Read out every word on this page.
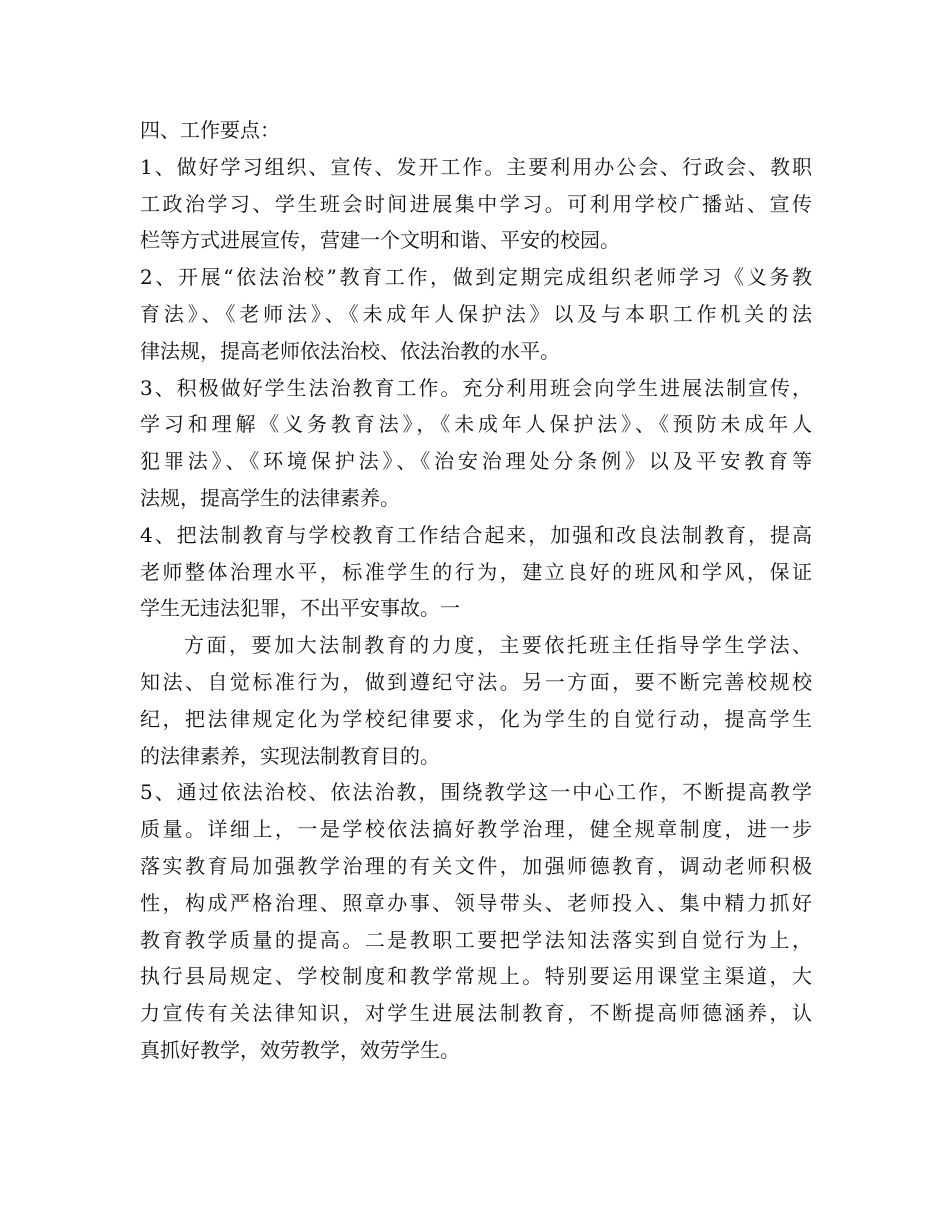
四、工作要点：
1、做好学习组织、宣传、发开工作。主要利用办公会、行政会、教职
工政治学习、学生班会时间进展集中学习。可利用学校广播站、宣传
栏等方式进展宣传，营建一个文明和谐、平安的校园。
2、开展“依法治校”教育工作，做到定期完成组织老师学习《义务教
育法》、《老师法》、《未成年人保护法》以及与本职工作机关的法
律法规，提高老师依法治校、依法治教的水平。
3、积极做好学生法治教育工作。充分利用班会向学生进展法制宣传，
学习和理解《义务教育法》，《未成年人保护法》、《预防未成年人
犯罪法》、《环境保护法》、《治安治理处分条例》以及平安教育等
法规，提高学生的法律素养。
4、把法制教育与学校教育工作结合起来，加强和改良法制教育，提高
老师整体治理水平，标准学生的行为，建立良好的班风和学风，保证
学生无违法犯罪，不出平安事故。一
方面，要加大法制教育的力度，主要依托班主任指导学生学法、
知法、自觉标准行为，做到遵纪守法。另一方面，要不断完善校规校
纪，把法律规定化为学校纪律要求，化为学生的自觉行动，提高学生
的法律素养，实现法制教育目的。
5、通过依法治校、依法治教，围绕教学这一中心工作，不断提高教学
质量。详细上，一是学校依法搞好教学治理，健全规章制度，进一步
落实教育局加强教学治理的有关文件，加强师德教育，调动老师积极
性，构成严格治理、照章办事、领导带头、老师投入、集中精力抓好
教育教学质量的提高。二是教职工要把学法知法落实到自觉行为上，
执行县局规定、学校制度和教学常规上。特别要运用课堂主渠道，大
力宣传有关法律知识，对学生进展法制教育，不断提高师德涵养，认
真抓好教学，效劳教学，效劳学生。
